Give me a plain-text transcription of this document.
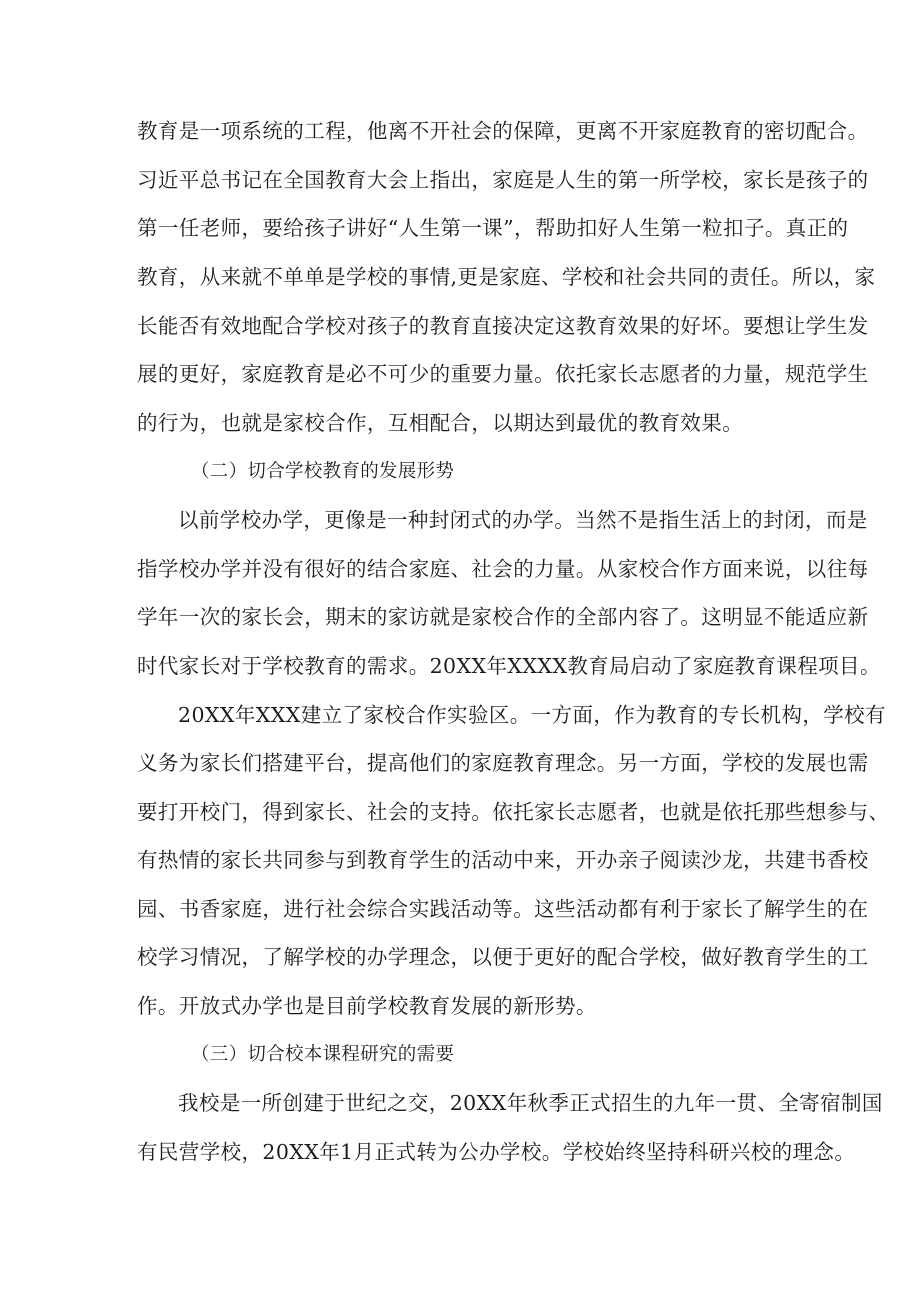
教育是一项系统的工程，他离不开社会的保障，更离不开家庭教育的密切配合。
习近平总书记在全国教育大会上指出，家庭是人生的第一所学校，家长是孩子的
第一任老师，要给孩子讲好“人生第一课”，帮助扣好人生第一粒扣子。真正的
教育，从来就不单单是学校的事情,更是家庭、学校和社会共同的责任。所以，家
长能否有效地配合学校对孩子的教育直接决定这教育效果的好坏。要想让学生发
展的更好，家庭教育是必不可少的重要力量。依托家长志愿者的力量，规范学生
的行为，也就是家校合作，互相配合，以期达到最优的教育效果。
（二）切合学校教育的发展形势
以前学校办学，更像是一种封闭式的办学。当然不是指生活上的封闭，而是
指学校办学并没有很好的结合家庭、社会的力量。从家校合作方面来说，以往每
学年一次的家长会，期末的家访就是家校合作的全部内容了。这明显不能适应新
时代家长对于学校教育的需求。20XX年XXXX教育局启动了家庭教育课程项目。
20XX年XXX建立了家校合作实验区。一方面，作为教育的专长机构，学校有
义务为家长们搭建平台，提高他们的家庭教育理念。另一方面，学校的发展也需
要打开校门，得到家长、社会的支持。依托家长志愿者，也就是依托那些想参与、
有热情的家长共同参与到教育学生的活动中来，开办亲子阅读沙龙，共建书香校
园、书香家庭，进行社会综合实践活动等。这些活动都有利于家长了解学生的在
校学习情况，了解学校的办学理念，以便于更好的配合学校，做好教育学生的工
作。开放式办学也是目前学校教育发展的新形势。
（三）切合校本课程研究的需要
我校是一所创建于世纪之交，20XX年秋季正式招生的九年一贯、全寄宿制国
有民营学校，20XX年1月正式转为公办学校。学校始终坚持科研兴校的理念。
